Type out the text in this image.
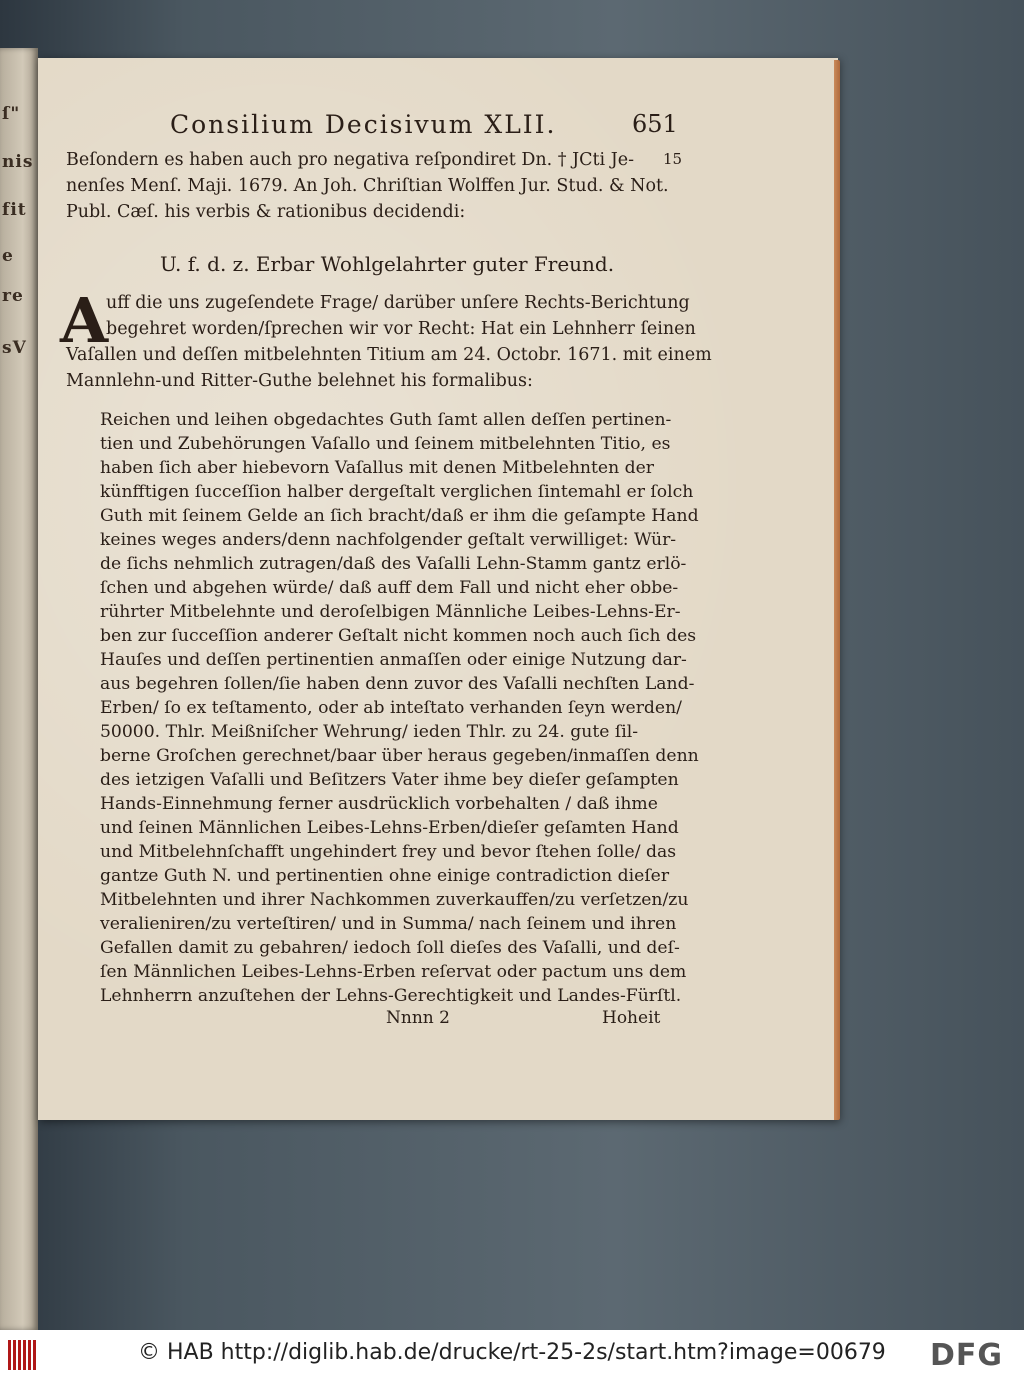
ſ"
nis
fit
e
sV
re
Consilium Decisivum XLII.	651
Beſondern es haben auch pro negativa reſpondiret Dn. † JCti Je- 15
nenſes Menſ. Maji. 1679. An Joh. Chriſtian Wolffen Jur. Stud. & Not.
Publ. Cæſ. his verbis & rationibus decidendi:
U. f. d. z. Erbar Wohlgelahrter guter Freund.
A
uff die uns zugeſendete Frage/ darüber unſere Rechts-Berichtung
begehret worden/ſprechen wir vor Recht: Hat ein Lehnherr ſeinen
Vaſallen und deſſen mitbelehnten Titium am 24. Octobr. 1671. mit einem
Mannlehn-und Ritter-Guthe belehnet his formalibus:
Reichen und leihen obgedachtes Guth ſamt allen deſſen pertinen-
tien und Zubehörungen Vaſallo und ſeinem mitbelehnten Titio, es
haben ſich aber hiebevorn Vaſallus mit denen Mitbelehnten der
künfftigen ſucceſſion halber dergeſtalt verglichen ſintemahl er ſolch
Guth mit ſeinem Gelde an ſich bracht/daß er ihm die geſampte Hand
keines weges anders/denn nachfolgender geſtalt verwilliget: Wür-
de ſichs nehmlich zutragen/daß des Vaſalli Lehn-Stamm gantz erlö-
ſchen und abgehen würde/ daß auff dem Fall und nicht eher obbe-
rührter Mitbelehnte und deroſelbigen Männliche Leibes-Lehns-Er-
ben zur ſucceſſion anderer Geſtalt nicht kommen noch auch ſich des
Hauſes und deſſen pertinentien anmaſſen oder einige Nutzung dar-
aus begehren ſollen/ſie haben denn zuvor des Vaſalli nechſten Land-
Erben/ ſo ex teſtamento, oder ab inteſtato verhanden ſeyn werden/
50000. Thlr. Meißniſcher Wehrung/ ieden Thlr. zu 24. gute ſil-
berne Groſchen gerechnet/baar über heraus gegeben/inmaſſen denn
des ietzigen Vaſalli und Beſitzers Vater ihme bey dieſer geſampten
Hands-Einnehmung ferner ausdrücklich vorbehalten / daß ihme
und ſeinen Männlichen Leibes-Lehns-Erben/dieſer geſamten Hand
und Mitbelehnſchafft ungehindert frey und bevor ſtehen ſolle/ das
gantze Guth N. und pertinentien ohne einige contradiction dieſer
Mitbelehnten und ihrer Nachkommen zuverkauffen/zu verſetzen/zu
veralieniren/zu verteſtiren/ und in Summa/ nach ſeinem und ihren
Gefallen damit zu gebahren/ iedoch ſoll dieſes des Vaſalli, und deſ-
ſen Männlichen Leibes-Lehns-Erben reſervat oder pactum uns dem
Lehnherrn anzuſtehen der Lehns-Gerechtigkeit und Landes-Fürſtl.
Nnnn 2	Hoheit
© HAB http://diglib.hab.de/drucke/rt-25-2s/start.htm?image=00679 DFG
